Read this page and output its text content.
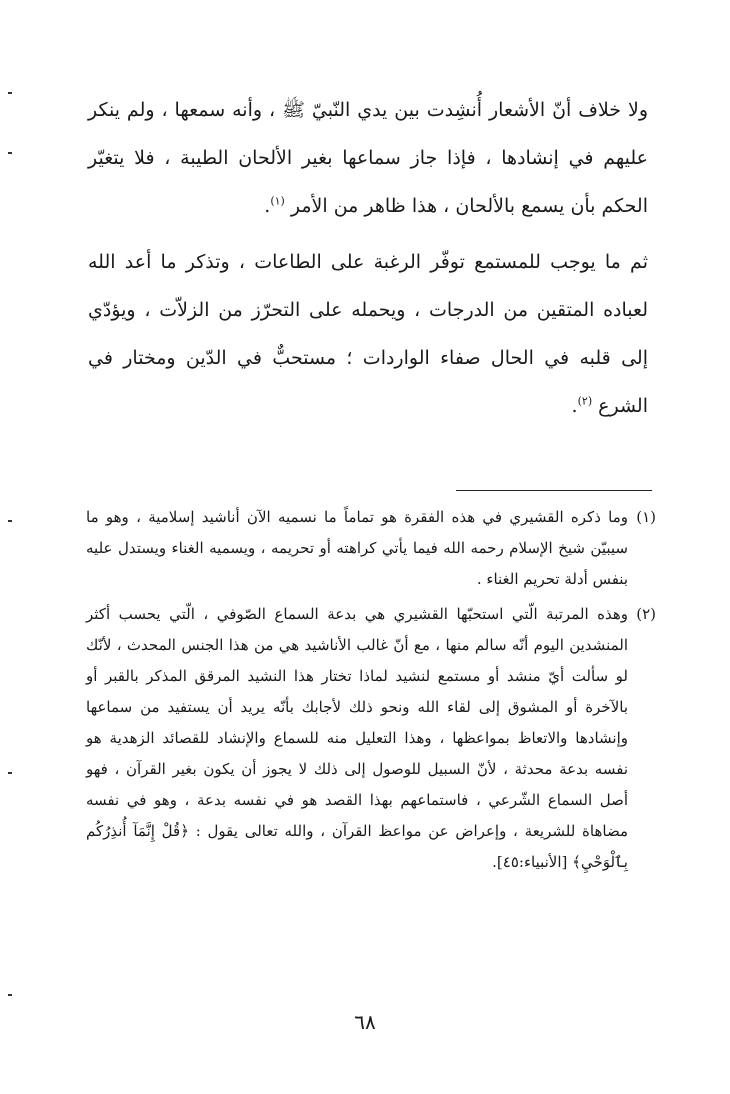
ولا خلاف أنّ الأشعار أُنشِدت بين يدي النّبيّ ﷺ ، وأنه سمعها ، ولم ينكر عليهم في إنشادها ، فإذا جاز سماعها بغير الألحان الطيبة ، فلا يتغيّر الحكم بأن يسمع بالألحان ، هذا ظاهر من الأمر $^{(١)}$.

ثم ما يوجب للمستمع توفّر الرغبة على الطاعات ، وتذكر ما أعد الله لعباده المتقين من الدرجات ، ويحمله على التحرّز من الزلاّت ، ويؤدّي إلى قلبه في الحال صفاء الواردات ؛ مستحبٌّ في الدّين ومختار في الشرع $^{(٢)}$.

(١)
وما ذكره القشيري في هذه الفقرة هو تماماً ما نسميه الآن أناشيد إسلامية ، وهو ما سيبيّن شيخ الإسلام رحمه الله فيما يأتي كراهته أو تحريمه ، ويسميه الغناء ويستدل عليه بنفس أدلة تحريم الغناء .
(٢)
وهذه المرتبة الّتي استحبّها القشيري هي بدعة السماع الصّوفي ، الّتي يحسب أكثر المنشدين اليوم أنّه سالم منها ، مع أنّ غالب الأناشيد هي من هذا الجنس المحدث ، لأنّك لو سألت أيّ منشد أو مستمع لنشيد لماذا تختار هذا النشيد المرقق المذكر بالقبر أو بالآخرة أو المشوق إلى لقاء الله ونحو ذلك لأجابك بأنّه يريد أن يستفيد من سماعها وإنشادها والاتعاظ بمواعظها ، وهذا التعليل منه للسماع والإنشاد للقصائد الزهدية هو نفسه بدعة محدثة ، لأنّ السبيل للوصول إلى ذلك لا يجوز أن يكون بغير القرآن ، فهو أصل السماع الشّرعي ، فاستماعهم بهذا القصد هو في نفسه بدعة ، وهو في نفسه مضاهاة للشريعة ، وإعراض عن مواعظ القرآن ، والله تعالى يقول : ﴿قُلْ إِنَّمَآ أُنذِرُكُم بِٱلْوَحْيِ﴾ [الأنبياء:٤٥].
٦٨
